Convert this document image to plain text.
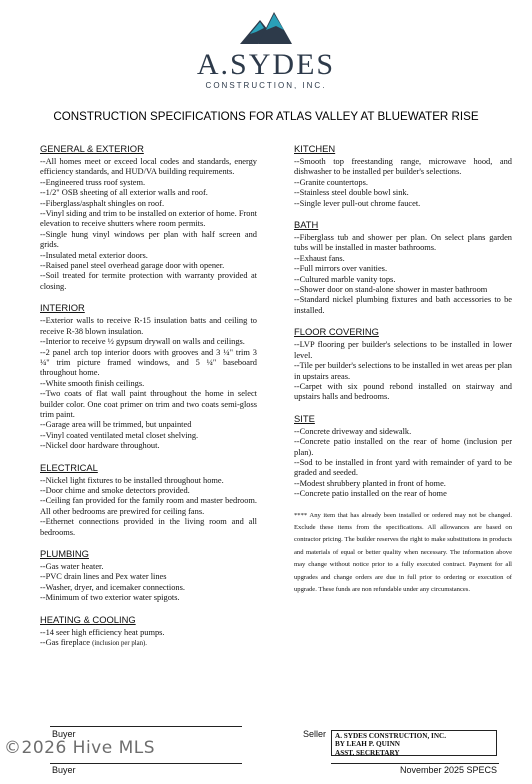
A.SYDES
CONSTRUCTION, INC.
CONSTRUCTION SPECIFICATIONS FOR ATLAS VALLEY AT BLUEWATER RISE
GENERAL & EXTERIOR
--All homes meet or exceed local codes and standards, energy efficiency standards, and HUD/VA building requirements.
--Engineered truss roof system.
--1/2" OSB sheeting of all exterior walls and roof.
--Fiberglass/asphalt shingles on roof.
--Vinyl siding and trim to be installed on exterior of home. Front elevation to receive shutters where room permits.
--Single hung vinyl windows per plan with half screen and grids.
--Insulated metal exterior doors.
--Raised panel steel overhead garage door with opener.
--Soil treated for termite protection with warranty provided at closing.
INTERIOR
--Exterior walls to receive R-15 insulation batts and ceiling to receive R-38 blown insulation.
--Interior to receive ½ gypsum drywall on walls and ceilings.
--2 panel arch top interior doors with grooves and 3 ¼" trim 3 ¼" trim picture framed windows, and 5 ¼" baseboard throughout home.
--White smooth finish ceilings.
--Two coats of flat wall paint throughout the home in select builder color. One coat primer on trim and two coats semi-gloss trim paint.
--Garage area will be trimmed, but unpainted
--Vinyl coated ventilated metal closet shelving.
--Nickel door hardware throughout.
ELECTRICAL
--Nickel light fixtures to be installed throughout home.
--Door chime and smoke detectors provided.
--Ceiling fan provided for the family room and master bedroom. All other bedrooms are prewired for ceiling fans.
--Ethernet connections provided in the living room and all bedrooms.
PLUMBING
--Gas water heater.
--PVC drain lines and Pex water lines
--Washer, dryer, and icemaker connections.
--Minimum of two exterior water spigots.
HEATING & COOLING
--14 seer high efficiency heat pumps.
--Gas fireplace (inclusion per plan).
KITCHEN
--Smooth top freestanding range, microwave hood, and dishwasher to be installed per builder's selections.
--Granite countertops.
--Stainless steel double bowl sink.
--Single lever pull-out chrome faucet.
BATH
--Fiberglass tub and shower per plan. On select plans garden tubs will be installed in master bathrooms.
--Exhaust fans.
--Full mirrors over vanities.
--Cultured marble vanity tops.
--Shower door on stand-alone shower in master bathroom
--Standard nickel plumbing fixtures and bath accessories to be installed.
FLOOR COVERING
--LVP flooring per builder's selections to be installed in lower level.
--Tile per builder's selections to be installed in wet areas per plan in upstairs areas.
--Carpet with six pound rebond installed on stairway and upstairs halls and bedrooms.
SITE
--Concrete driveway and sidewalk.
--Concrete patio installed on the rear of home (inclusion per plan).
--Sod to be installed in front yard with remainder of yard to be graded and seeded.
--Modest shrubbery planted in front of home.
--Concrete patio installed on the rear of home
**** Any item that has already been installed or ordered may not be changed. Exclude these items from the specifications. All allowances are based on contractor pricing. The builder reserves the right to make substitutions in products and materials of equal or better quality when necessary. The information above may change without notice prior to a fully executed contract. Payment for all upgrades and change orders are due in full prior to ordering or execution of upgrade. These funds are non refundable under any circumstances.
Buyer
Buyer
Seller A. SYDES CONSTRUCTION, INC.
BY LEAH P. QUINN
ASST. SECRETARY
November 2025 SPECS
©2026 Hive MLS
